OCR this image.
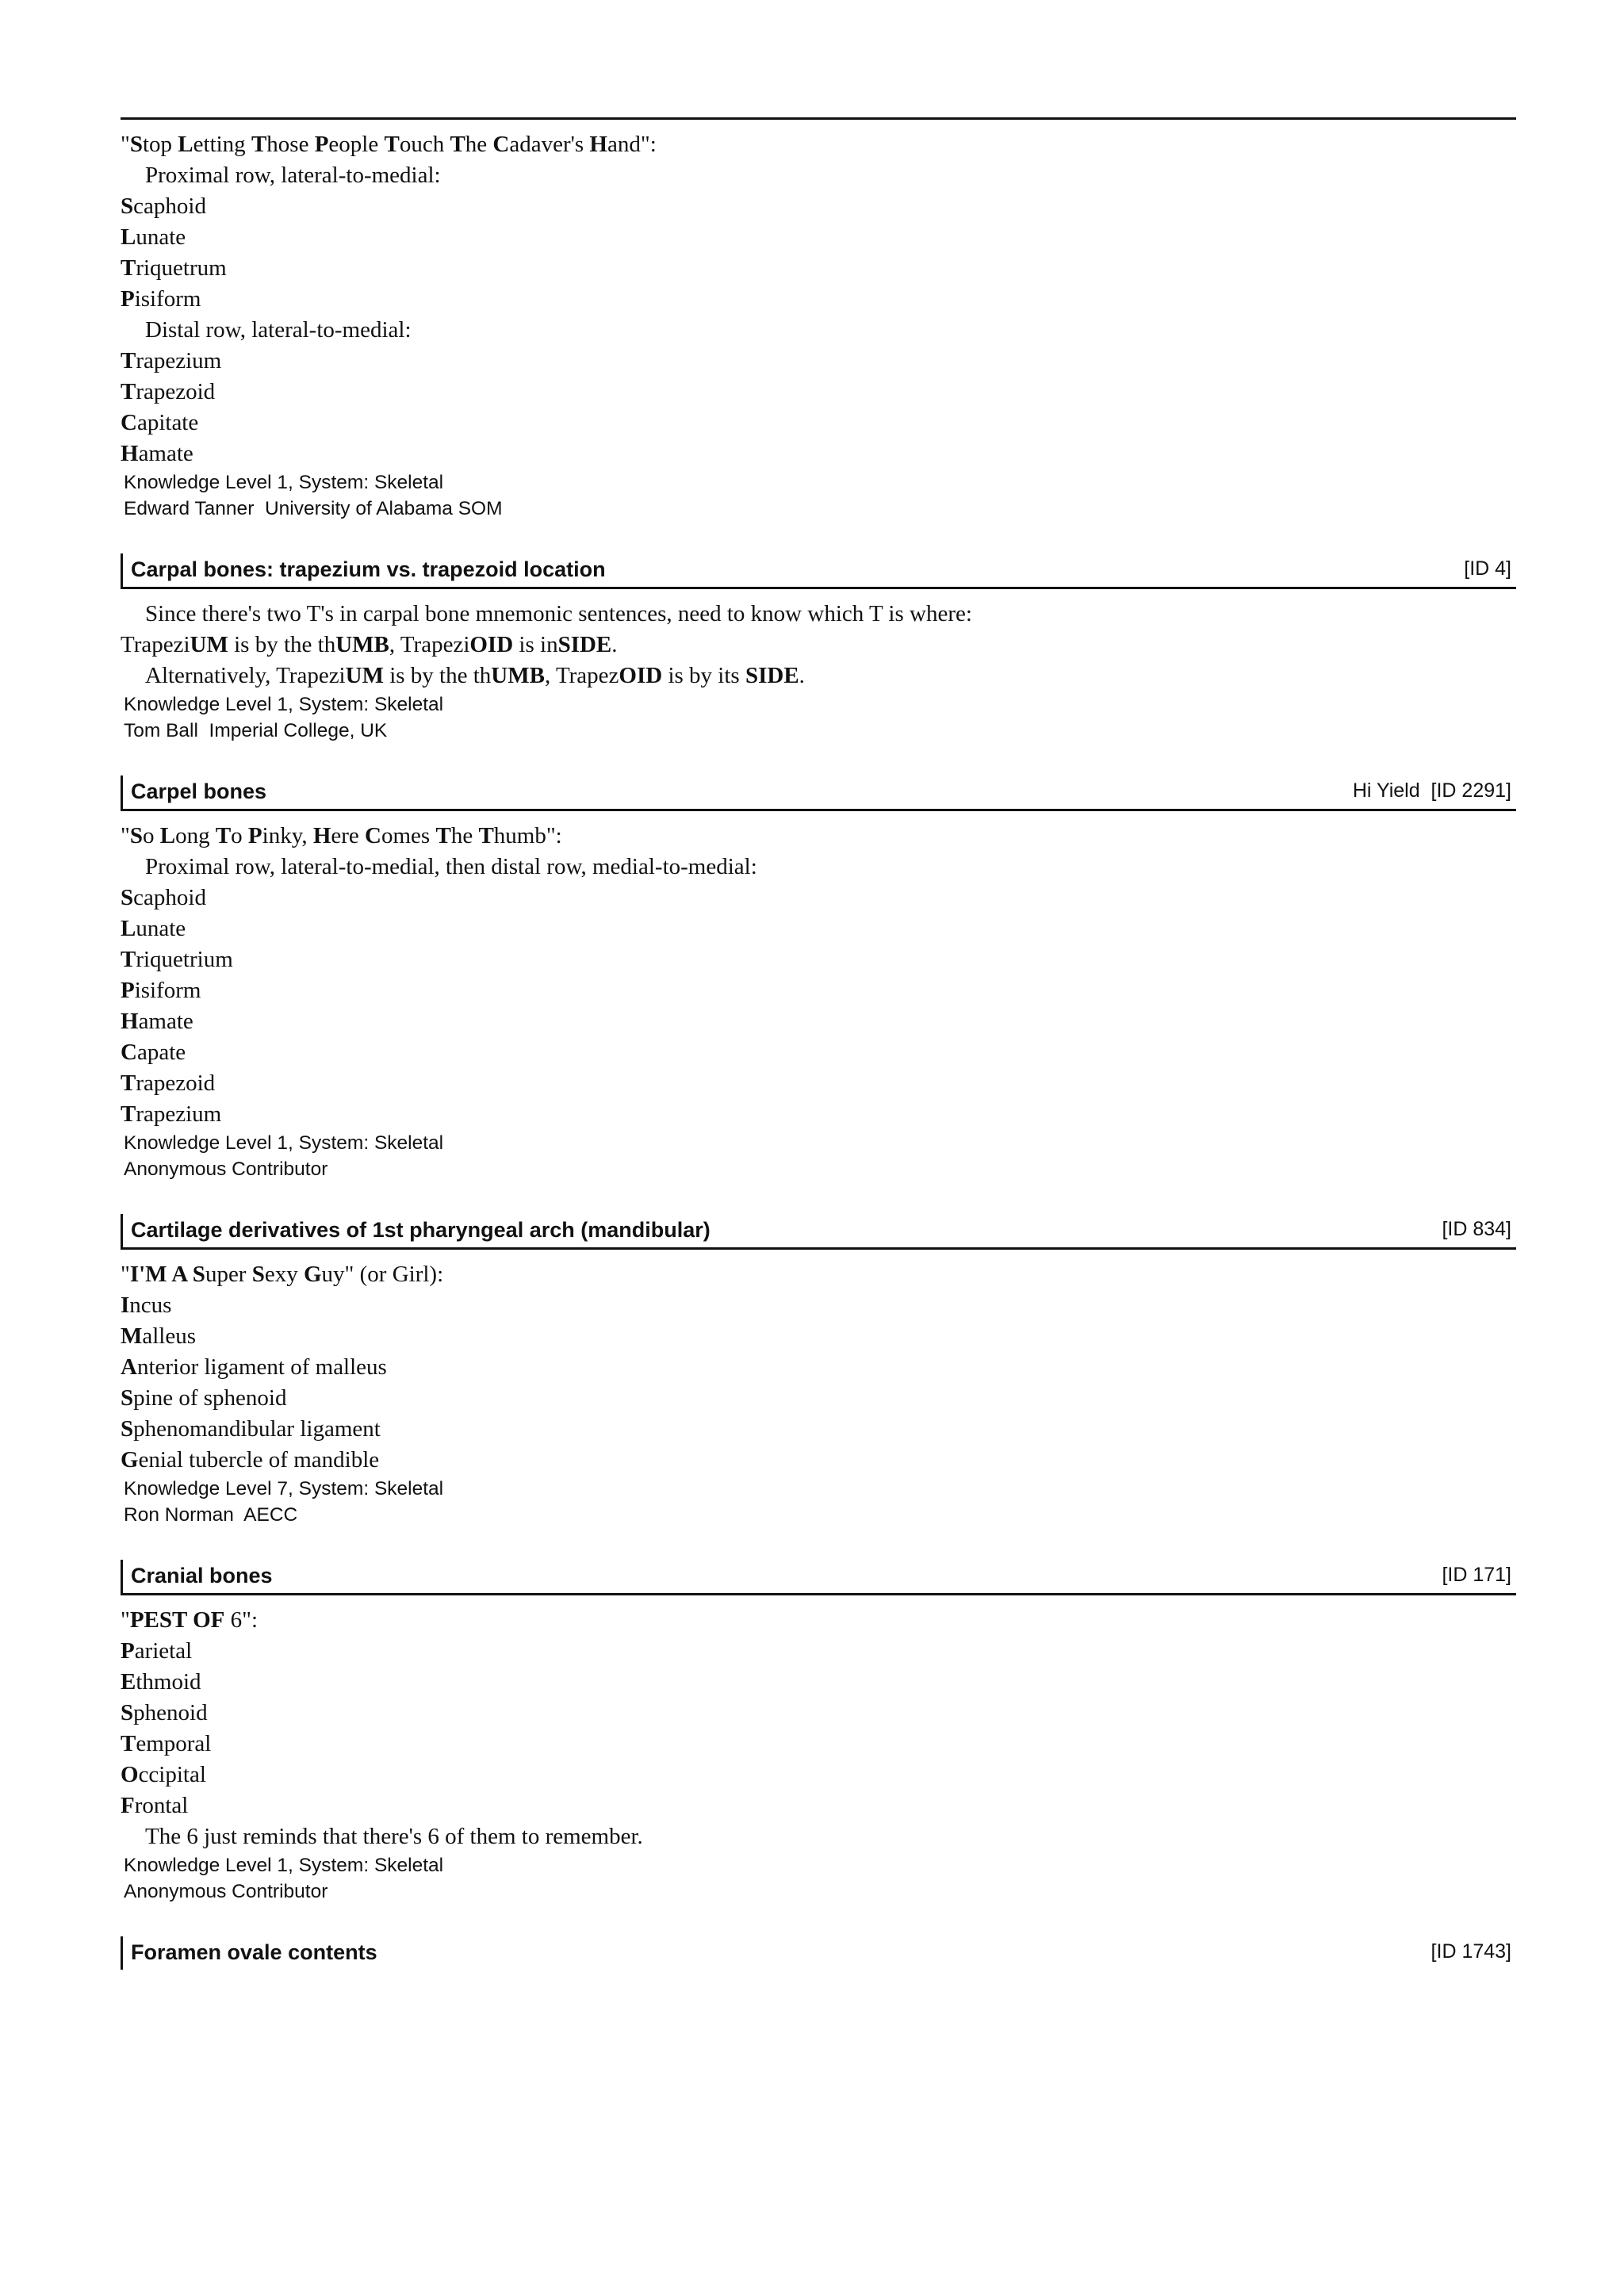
"Stop Letting Those People Touch The Cadaver's Hand":
Proximal row, lateral-to-medial:
Scaphoid
Lunate
Triquetrum
Pisiform
Distal row, lateral-to-medial:
Trapezium
Trapezoid
Capitate
Hamate
Knowledge Level 1, System: Skeletal
Edward Tanner  University of Alabama SOM
Carpal bones: trapezium vs. trapezoid location	[ID 4]
Since there's two T's in carpal bone mnemonic sentences, need to know which T is where:
TrapeziUM is by the thUMB, TrapeziOID is inSIDE.
Alternatively, TrapeziUM is by the thUMB, TrapezOID is by its SIDE.
Knowledge Level 1, System: Skeletal
Tom Ball  Imperial College, UK
Carpel bones	Hi Yield  [ID 2291]
"So Long To Pinky, Here Comes The Thumb":
Proximal row, lateral-to-medial, then distal row, medial-to-medial:
Scaphoid
Lunate
Triquetrium
Pisiform
Hamate
Capate
Trapezoid
Trapezium
Knowledge Level 1, System: Skeletal
Anonymous Contributor
Cartilage derivatives of 1st pharyngeal arch (mandibular)	[ID 834]
"I'M A Super Sexy Guy" (or Girl):
Incus
Malleus
Anterior ligament of malleus
Spine of sphenoid
Sphenomandibular ligament
Genial tubercle of mandible
Knowledge Level 7, System: Skeletal
Ron Norman  AECC
Cranial bones	[ID 171]
"PEST OF 6":
Parietal
Ethmoid
Sphenoid
Temporal
Occipital
Frontal
The 6 just reminds that there's 6 of them to remember.
Knowledge Level 1, System: Skeletal
Anonymous Contributor
Foramen ovale contents	[ID 1743]
